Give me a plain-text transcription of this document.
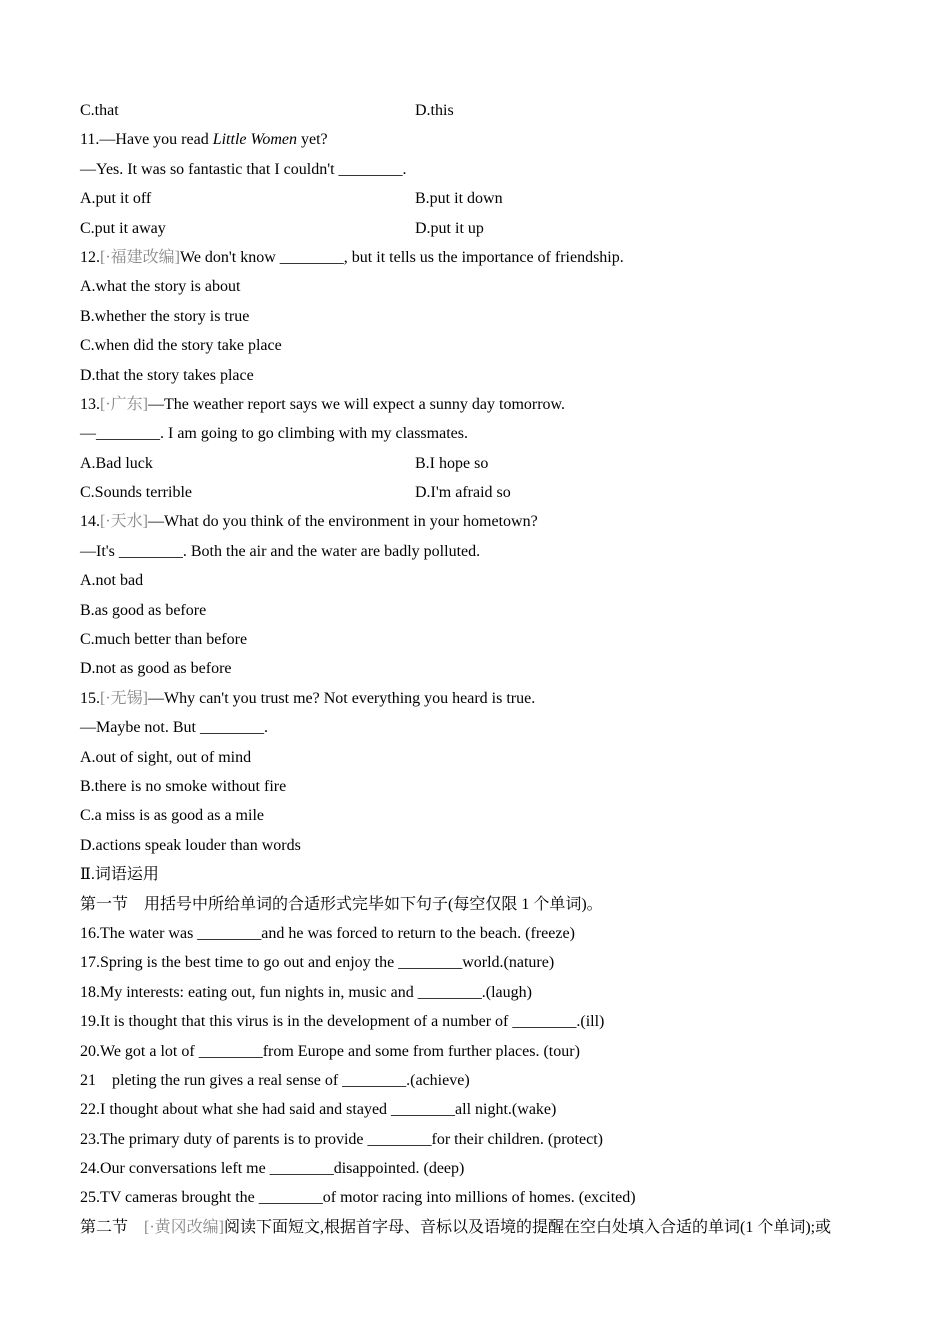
C.that	D.this
11.—Have you read Little Women yet?
—Yes. It was so fantastic that I couldn't ________.
A.put it off	B.put it down
C.put it away	D.put it up
12.[·福建改编]We don't know ________, but it tells us the importance of friendship.
A.what the story is about
B.whether the story is true
C.when did the story take place
D.that the story takes place
13.[·广东]—The weather report says we will expect a sunny day tomorrow.
—________. I am going to go climbing with my classmates.
A.Bad luck	B.I hope so
C.Sounds terrible	D.I'm afraid so
14.[·天水]—What do you think of the environment in your hometown?
—It's ________. Both the air and the water are badly polluted.
A.not bad
B.as good as before
C.much better than before
D.not as good as before
15.[·无锡]—Why can't you trust me? Not everything you heard is true.
—Maybe not. But ________.
A.out of sight, out of mind
B.there is no smoke without fire
C.a miss is as good as a mile
D.actions speak louder than words
Ⅱ.词语运用
第一节　用括号中所给单词的合适形式完毕如下句子(每空仅限 1 个单词)。
16.The water was ________and he was forced to return to the beach. (freeze)
17.Spring is the best time to go out and enjoy the ________world.(nature)
18.My interests: eating out, fun nights in, music and ________.(laugh)
19.It is thought that this virus is in the development of a number of ________.(ill)
20.We got a lot of ________from Europe and some from further places. (tour)
21　pleting the run gives a real sense of ________.(achieve)
22.I thought about what she had said and stayed ________all night.(wake)
23.The primary duty of parents is to provide ________for their children. (protect)
24.Our conversations left me ________disappointed. (deep)
25.TV cameras brought the ________of motor racing into millions of homes. (excited)
第二节　[·黄冈改编]阅读下面短文,根据首字母、音标以及语境的提醒在空白处填入合适的单词(1 个单词);或
